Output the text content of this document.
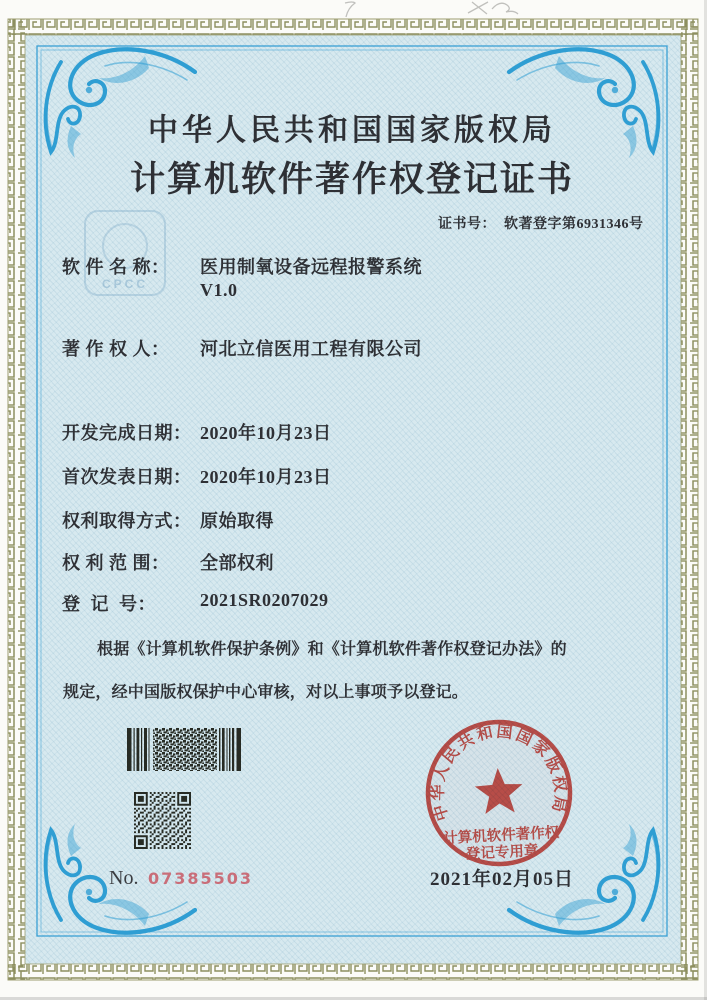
CPCC
中华人民共和国国家版权局
计算机软件著作权登记证书
证书号： 软著登字第6931346号
软 件 名 称： 医用制氧设备远程报警系统
V1.0
著 作 权 人： 河北立信医用工程有限公司
开发完成日期： 2020年10月23日
首次发表日期： 2020年10月23日
权利取得方式： 原始取得
权 利 范 围： 全部权利
登  记  号： 2021SR0207029
根据《计算机软件保护条例》和《计算机软件著作权登记办法》的
规定，经中国版权保护中心审核，对以上事项予以登记。
No. 07385503
中华人民共和国国家版权局
计算机软件著作权
登记专用章
2021年02月05日
